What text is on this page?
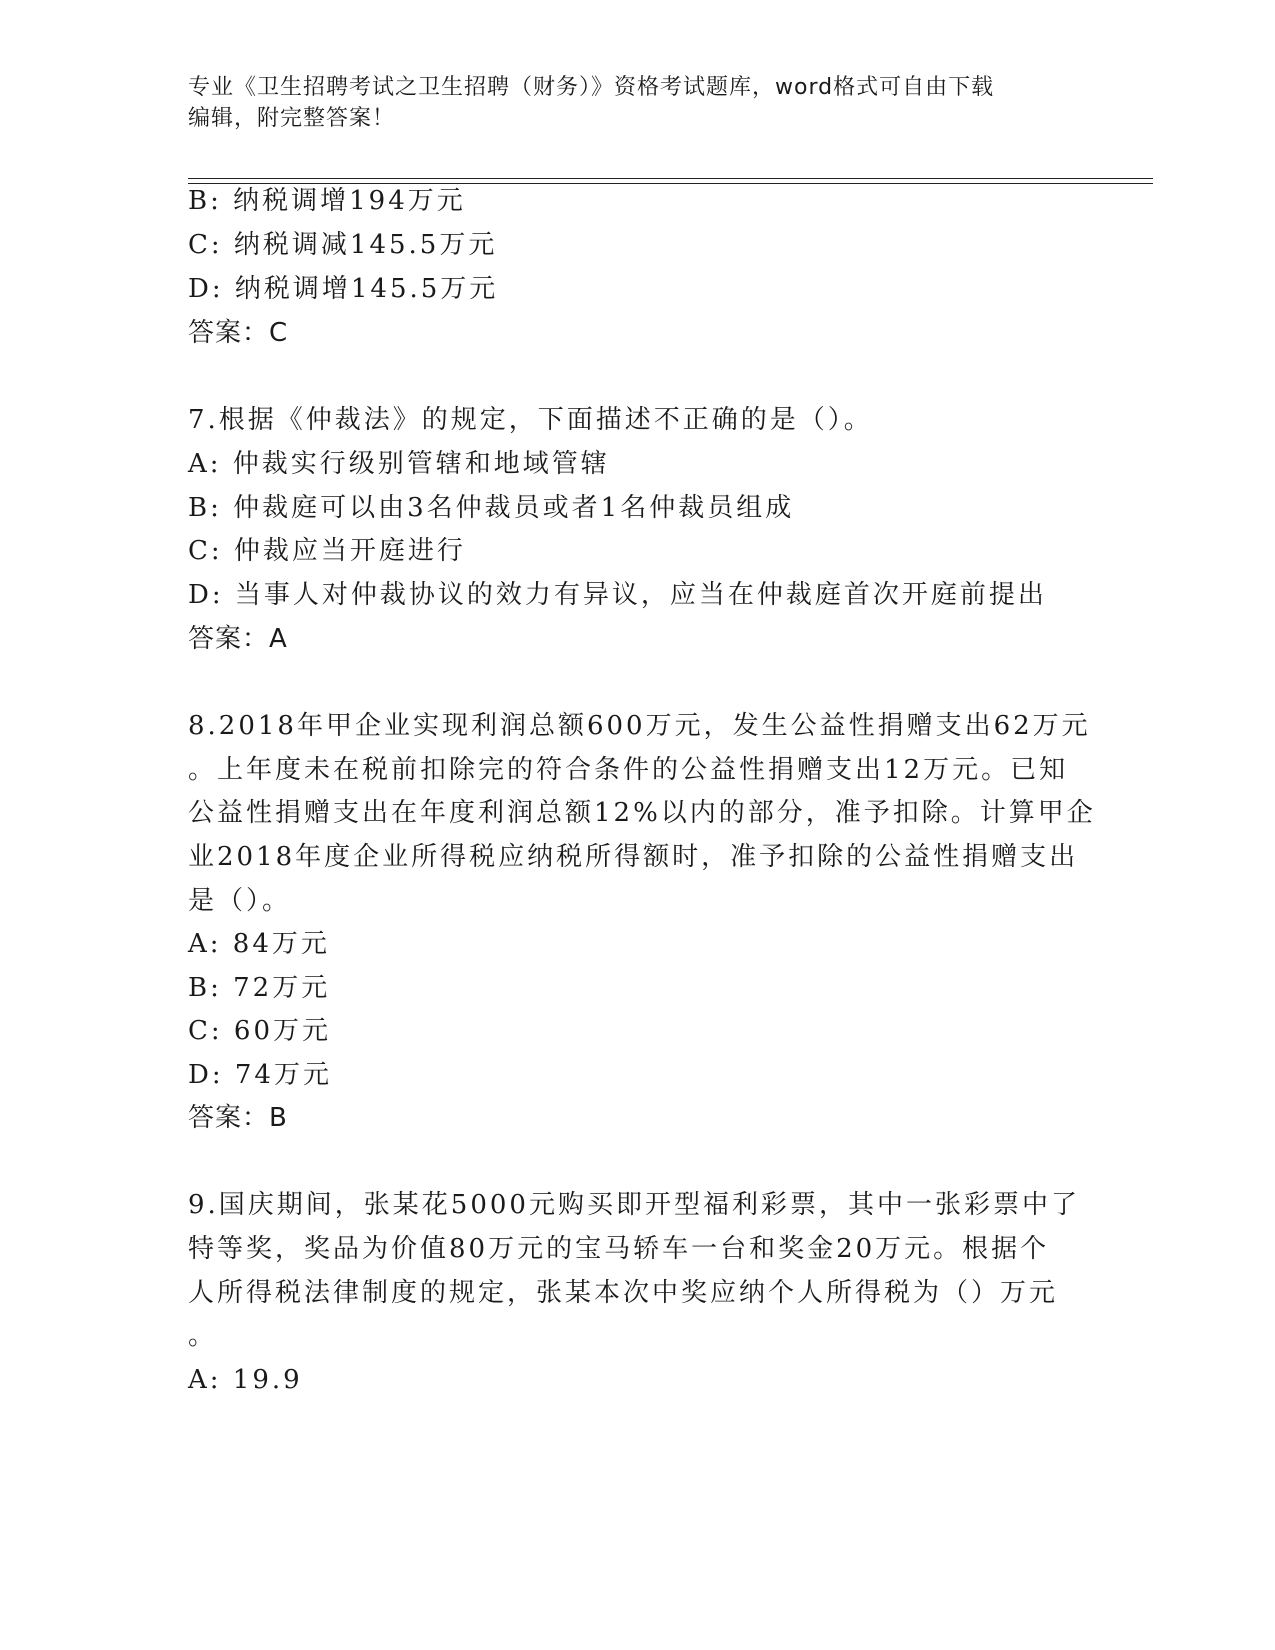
专业《卫生招聘考试之卫生招聘（财务）》资格考试题库，word格式可自由下载
编辑，附完整答案！
B: 纳税调增194万元
C: 纳税调减145.5万元
D: 纳税调增145.5万元
答案：C
7.根据《仲裁法》的规定，下面描述不正确的是（）。
A: 仲裁实行级别管辖和地域管辖
B: 仲裁庭可以由3名仲裁员或者1名仲裁员组成
C: 仲裁应当开庭进行
D: 当事人对仲裁协议的效力有异议，应当在仲裁庭首次开庭前提出
答案：A
8.2018年甲企业实现利润总额600万元，发生公益性捐赠支出62万元
。上年度未在税前扣除完的符合条件的公益性捐赠支出12万元。已知
公益性捐赠支出在年度利润总额12%以内的部分，准予扣除。计算甲企
业2018年度企业所得税应纳税所得额时，准予扣除的公益性捐赠支出
是（）。
A: 84万元
B: 72万元
C: 60万元
D: 74万元
答案：B
9.国庆期间，张某花5000元购买即开型福利彩票，其中一张彩票中了
特等奖，奖品为价值80万元的宝马轿车一台和奖金20万元。根据个
人所得税法律制度的规定，张某本次中奖应纳个人所得税为（）万元
。
A: 19.9
